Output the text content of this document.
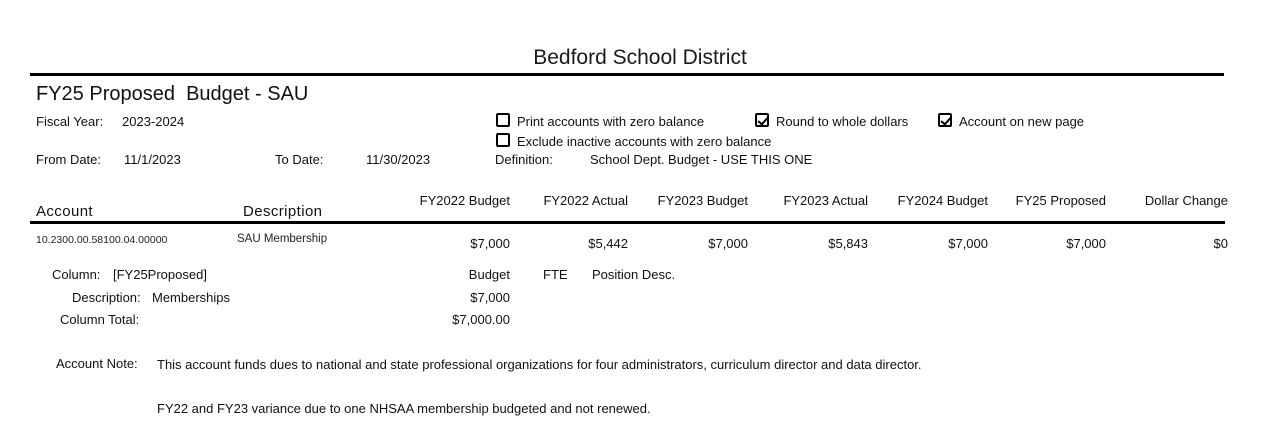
Bedford School District
FY25 Proposed  Budget - SAU
Fiscal Year: 2023-2024	Print accounts with zero balance	Round to whole dollars	Account on new page
Exclude inactive accounts with zero balance
From Date: 11/1/2023	To Date:	11/30/2023	Definition:	School Dept. Budget - USE THIS ONE
Account	Description
FY2022 Budget	FY2022 Actual	FY2023 Budget	FY2023 Actual	FY2024 Budget	FY25 Proposed	Dollar Change
10.2300.00.58100.04.00000	SAU Membership	$7,000	$5,442	$7,000	$5,843	$7,000	$7,000	$0
Column: [FY25Proposed]	Budget	FTE Position Desc.
Description: Memberships	$7,000
Column Total:	$7,000.00
Account Note: This account funds dues to national and state professional organizations for four administrators, curriculum director and data director.
FY22 and FY23 variance due to one NHSAA membership budgeted and not renewed.
